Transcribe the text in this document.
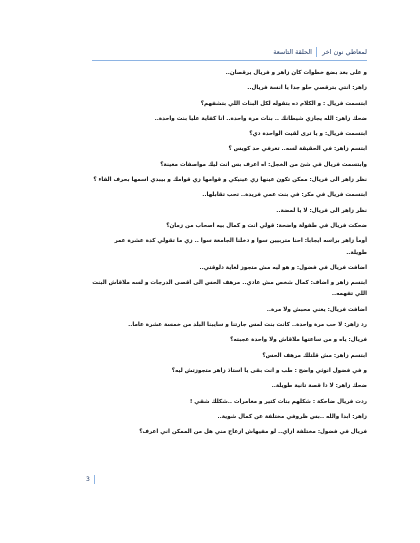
الحلقة التاسعة	لمعاطي نون اخر

و على بعد بضع خطوات كان زاهر و فريال يرقصان..

زاهر: انتي بترقصي حلو جدا يا انسة فريال..

ابتسمت فريال : و الكلام ده بتقوله لكل البنات اللي بتشفهم؟

ضحك زاهر: الله يجازي شيطانك .. بنات مرة واحدة.. انا كفاية عليا بنت واحدة..

ابتسمت فريال: و يا ترى لقيت الواحدة دي؟

ابتسم زاهر: في الحقيقة لسه.. تعرفي حد كويس ؟

وابتسمت فريال في شئ من الخجل: اه اعرف بس انت ليك مواصفات معينة؟

نظر زاهر الى فريال: ممكن تكون عينها زي عينيكي و قوامها زي قوامك و بيبدي اسمها بحرف الفاء ؟

ابتسمت فريال في مكر: في بنت عمي فريدة.. تحب تقابلها..

نظر زاهر الى فريال: لا يا لمضة..

ضحكت فريال في طفولة واضحة: قولي انت و كمال بيه اصحاب من زمان؟

أومأ زاهر براسه ايجابا: احنا متربيين سوا و دخلنا الجامعة سوا .. زي ما تقولي كدة عشرة عمر طويلة..

اضافت فريال في فضول: و هو ليه مش متجوز لغاية دلوقتي..

ابتسم زاهر و اضاف: كمال شخص مش عادي.. مرهف الحس الى اقصى الدرجات و لسه ملاقاش البنت اللي تفهمه..

اضافت فريال: يعني محبش ولا مرة..

رد زاهر: لا حب مرة واحدة.. كانت بنت لمس جارتنا و سايبنا البلد من خمسة عشرة عاما..

فريال: ياه و من ساعتها ملاقاش ولا واحدة عجبته؟

ابتسم زاهر: مش قلتلك مرهف الحس؟

و في فضول انوثي واضح : طب و انت بقى يا استاذ زاهر متجوزتش ليه؟

ضحك زاهر: لا دا قصة تانية طويلة..

ردت فريال ضاحكة : شكلهم بنات كتير و مغامرات ..شكلك شقي !

زاهر: ابدا والله ..بس ظروفي مختلفة عن كمال شوية..

فريال في فضول: مختلفة ازاي.. لو مفيهاش ازعاج مني هل من الممكن اني اعرف؟

3
